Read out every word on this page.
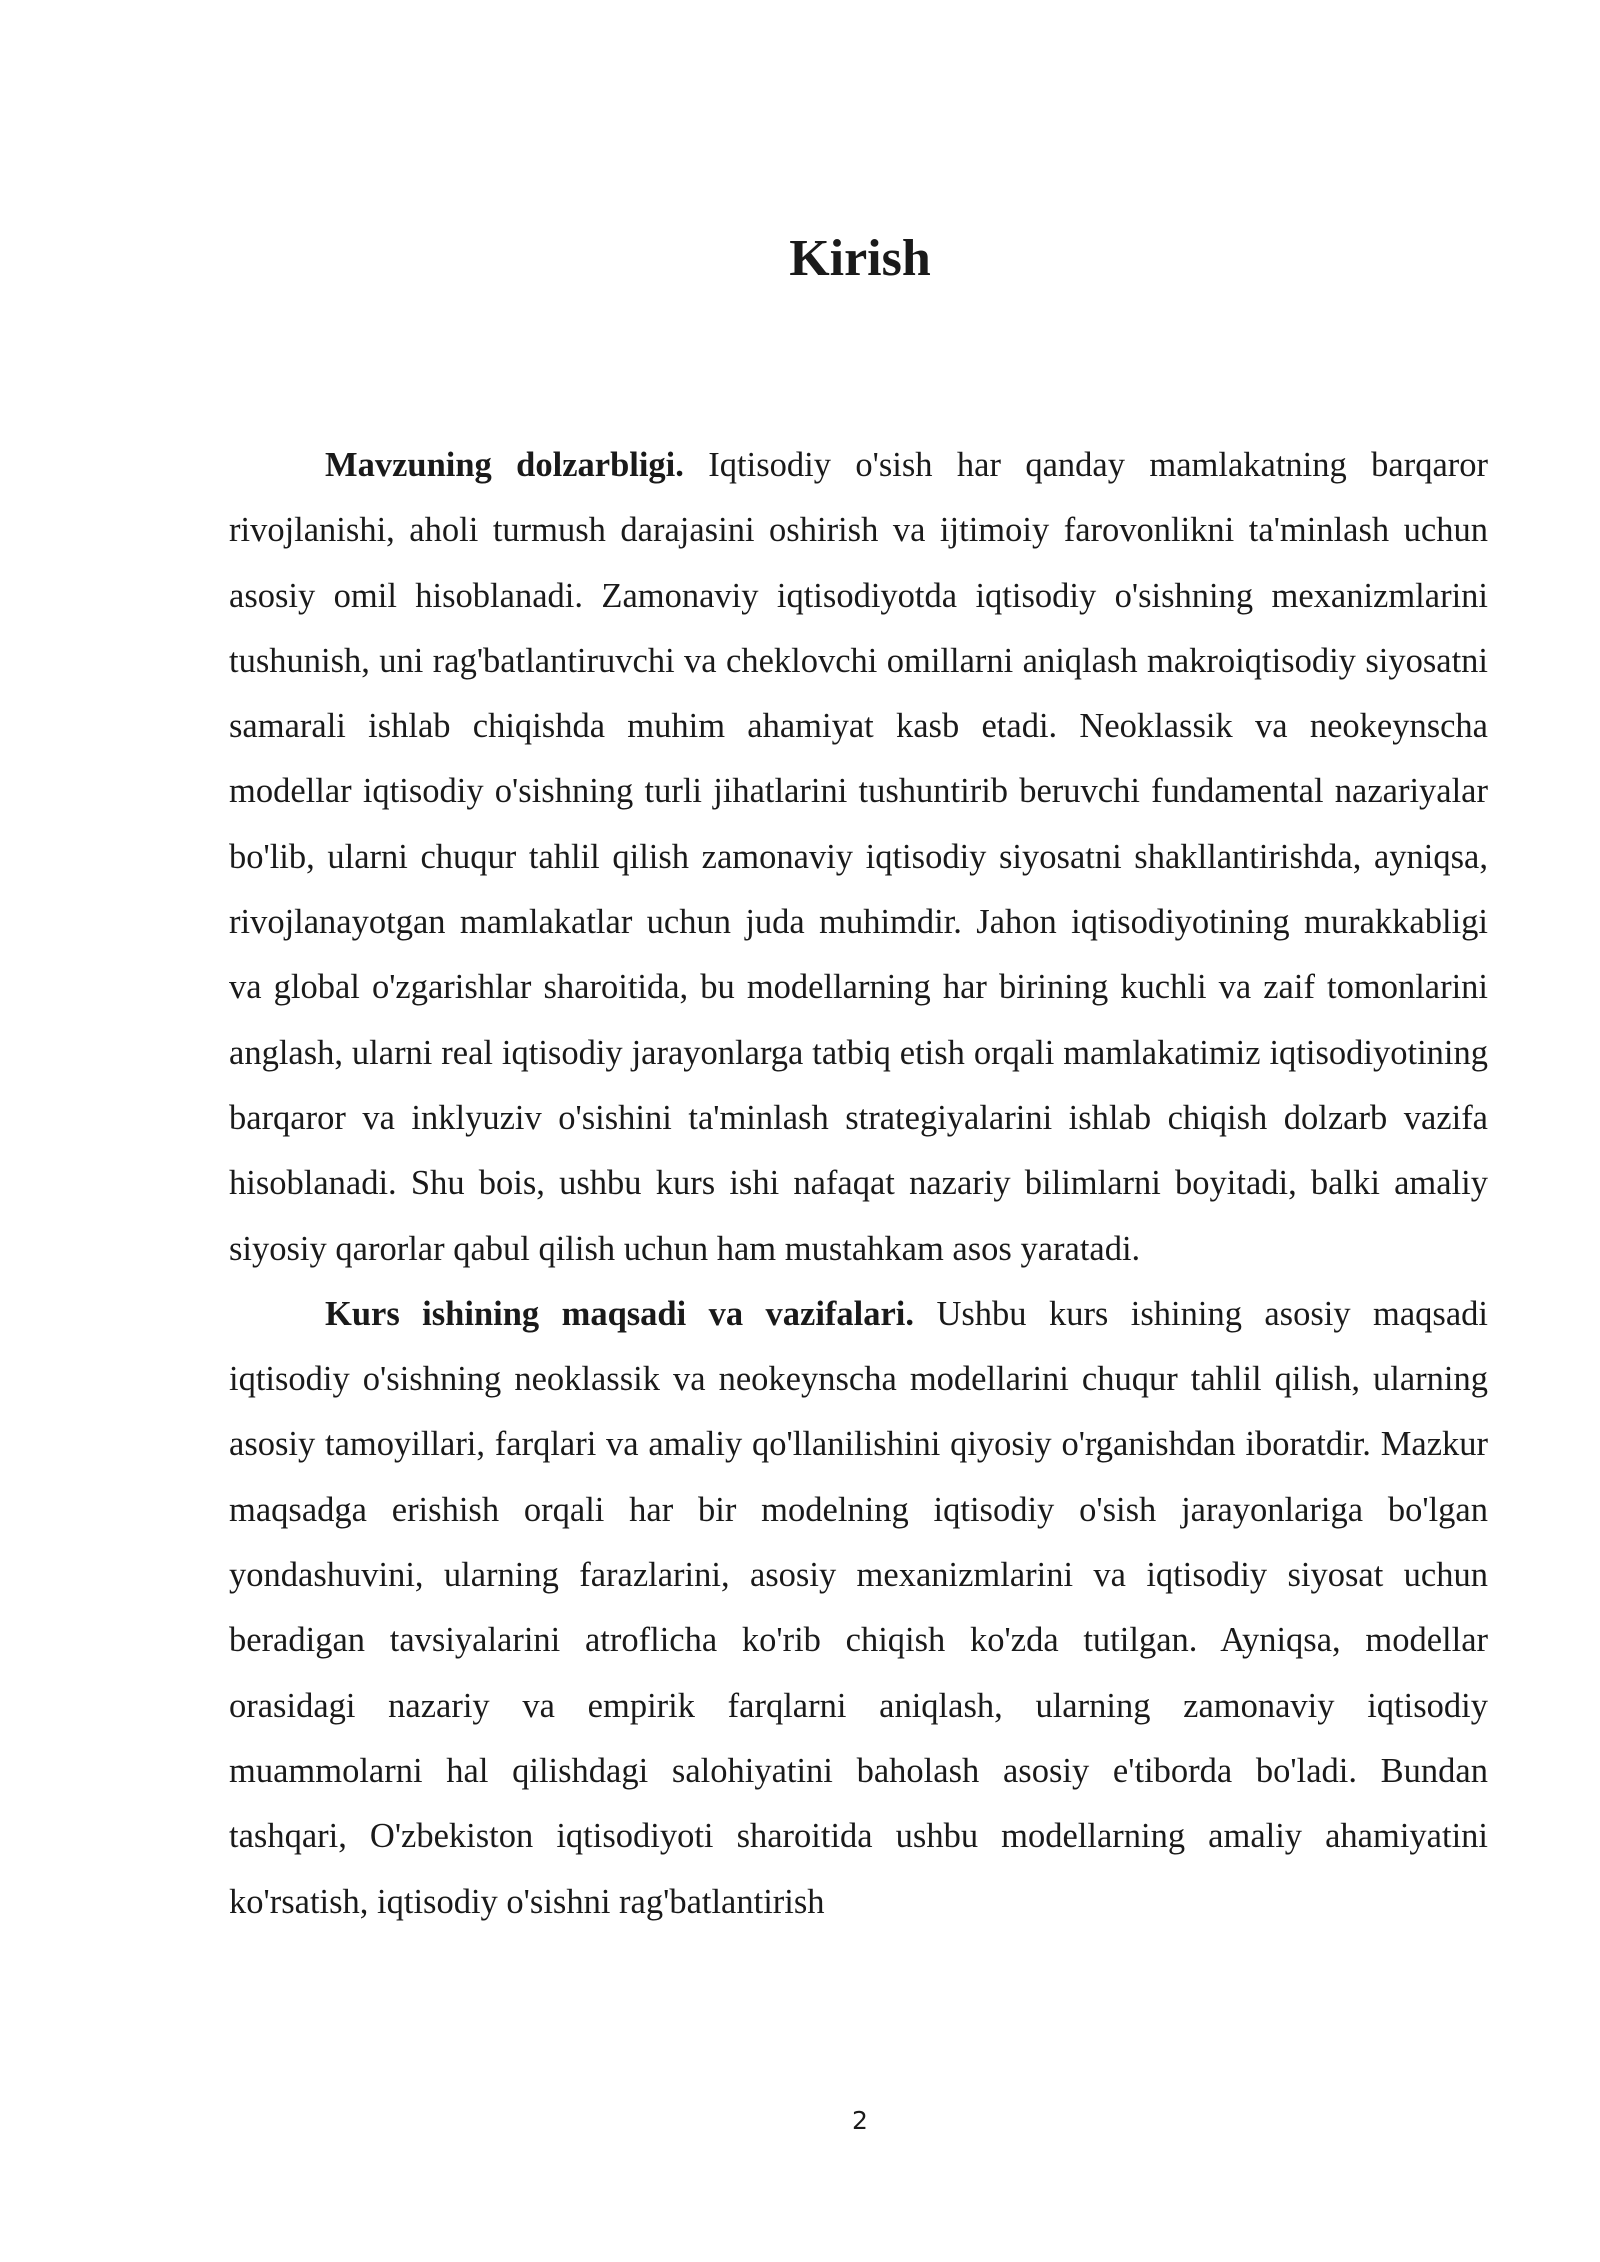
Kirish

Mavzuning dolzarbligi. Iqtisodiy o'sish har qanday mamlakatning barqaror rivojlanishi, aholi turmush darajasini oshirish va ijtimoiy farovonlikni ta'minlash uchun asosiy omil hisoblanadi. Zamonaviy iqtisodiyotda iqtisodiy o'sishning mexanizmlarini tushunish, uni rag'batlantiruvchi va cheklovchi omillarni aniqlash makroiqtisodiy siyosatni samarali ishlab chiqishda muhim ahamiyat kasb etadi. Neoklassik va neokeynscha modellar iqtisodiy o'sishning turli jihatlarini tushuntirib beruvchi fundamental nazariyalar bo'lib, ularni chuqur tahlil qilish zamonaviy iqtisodiy siyosatni shakllantirishda, ayniqsa, rivojlanayotgan mamlakatlar uchun juda muhimdir. Jahon iqtisodiyotining murakkabligi va global o'zgarishlar sharoitida, bu modellarning har birining kuchli va zaif tomonlarini anglash, ularni real iqtisodiy jarayonlarga tatbiq etish orqali mamlakatimiz iqtisodiyotining barqaror va inklyuziv o'sishini ta'minlash strategiyalarini ishlab chiqish dolzarb vazifa hisoblanadi. Shu bois, ushbu kurs ishi nafaqat nazariy bilimlarni boyitadi, balki amaliy siyosiy qarorlar qabul qilish uchun ham mustahkam asos yaratadi.

Kurs ishining maqsadi va vazifalari. Ushbu kurs ishining asosiy maqsadi iqtisodiy o'sishning neoklassik va neokeynscha modellarini chuqur tahlil qilish, ularning asosiy tamoyillari, farqlari va amaliy qo'llanilishini qiyosiy o'rganishdan iboratdir. Mazkur maqsadga erishish orqali har bir modelning iqtisodiy o'sish jarayonlariga bo'lgan yondashuvini, ularning farazlarini, asosiy mexanizmlarini va iqtisodiy siyosat uchun beradigan tavsiyalarini atroflicha ko'rib chiqish ko'zda tutilgan. Ayniqsa, modellar orasidagi nazariy va empirik farqlarni aniqlash, ularning zamonaviy iqtisodiy muammolarni hal qilishdagi salohiyatini baholash asosiy e'tiborda bo'ladi. Bundan tashqari, O'zbekiston iqtisodiyoti sharoitida ushbu modellarning amaliy ahamiyatini ko'rsatish, iqtisodiy o'sishni rag'batlantirish

2
